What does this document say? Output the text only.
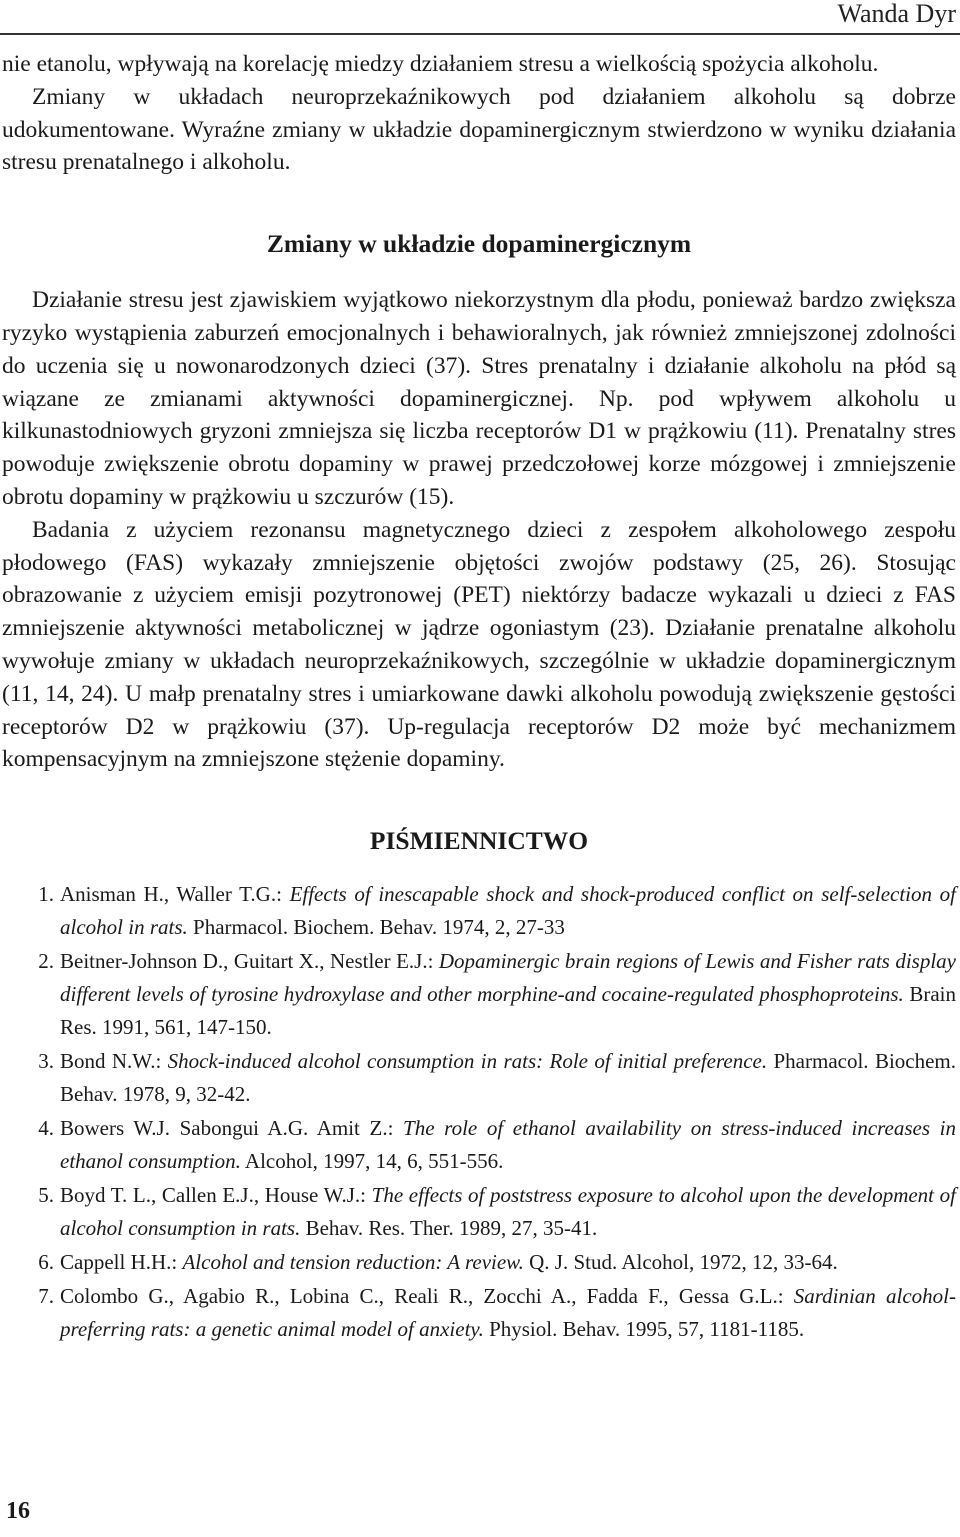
Wanda Dyr

nie etanolu, wpływają na korelację miedzy działaniem stresu a wielkością spożycia alkoholu.

Zmiany w układach neuroprzekaźnikowych pod działaniem alkoholu są dobrze udokumentowane. Wyraźne zmiany w układzie dopaminergicznym stwierdzono w wyniku działania stresu prenatalnego i alkoholu.

Zmiany w układzie dopaminergicznym

Działanie stresu jest zjawiskiem wyjątkowo niekorzystnym dla płodu, ponieważ bardzo zwiększa ryzyko wystąpienia zaburzeń emocjonalnych i behawioralnych, jak również zmniejszonej zdolności do uczenia się u nowonarodzonych dzieci (37). Stres prenatalny i działanie alkoholu na płód są wiązane ze zmianami aktywności dopaminergicznej. Np. pod wpływem alkoholu u kilkunastodniowych gryzoni zmniejsza się liczba receptorów D1 w prążkowiu (11). Prenatalny stres powoduje zwiększenie obrotu dopaminy w prawej przedczołowej korze mózgowej i zmniejszenie obrotu dopaminy w prążkowiu u szczurów (15).

Badania z użyciem rezonansu magnetycznego dzieci z zespołem alkoholowego zespołu płodowego (FAS) wykazały zmniejszenie objętości zwojów podstawy (25, 26). Stosując obrazowanie z użyciem emisji pozytronowej (PET) niektórzy badacze wykazali u dzieci z FAS zmniejszenie aktywności metabolicznej w jądrze ogoniastym (23). Działanie prenatalne alkoholu wywołuje zmiany w układach neuroprzekaźnikowych, szczególnie w układzie dopaminergicznym (11, 14, 24). U małp prenatalny stres i umiarkowane dawki alkoholu powodują zwiększenie gęstości receptorów D2 w prążkowiu (37). Up-regulacja receptorów D2 może być mechanizmem kompensacyjnym na zmniejszone stężenie dopaminy.

PIŚMIENNICTWO
1. Anisman H., Waller T.G.: Effects of inescapable shock and shock-produced conflict on self-selection of alcohol in rats. Pharmacol. Biochem. Behav. 1974, 2, 27-33
2. Beitner-Johnson D., Guitart X., Nestler E.J.: Dopaminergic brain regions of Lewis and Fisher rats display different levels of tyrosine hydroxylase and other morphine-and cocaine-regulated phosphoproteins. Brain Res. 1991, 561, 147-150.
3. Bond N.W.: Shock-induced alcohol consumption in rats: Role of initial preference. Pharmacol. Biochem. Behav. 1978, 9, 32-42.
4. Bowers W.J. Sabongui A.G. Amit Z.: The role of ethanol availability on stress-induced increases in ethanol consumption. Alcohol, 1997, 14, 6, 551-556.
5. Boyd T. L., Callen E.J., House W.J.: The effects of poststress exposure to alcohol upon the development of alcohol consumption in rats. Behav. Res. Ther. 1989, 27, 35-41.
6. Cappell H.H.: Alcohol and tension reduction: A review. Q. J. Stud. Alcohol, 1972, 12, 33-64.
7. Colombo G., Agabio R., Lobina C., Reali R., Zocchi A., Fadda F., Gessa G.L.: Sardinian alcohol-preferring rats: a genetic animal model of anxiety. Physiol. Behav. 1995, 57, 1181-1185.
16
